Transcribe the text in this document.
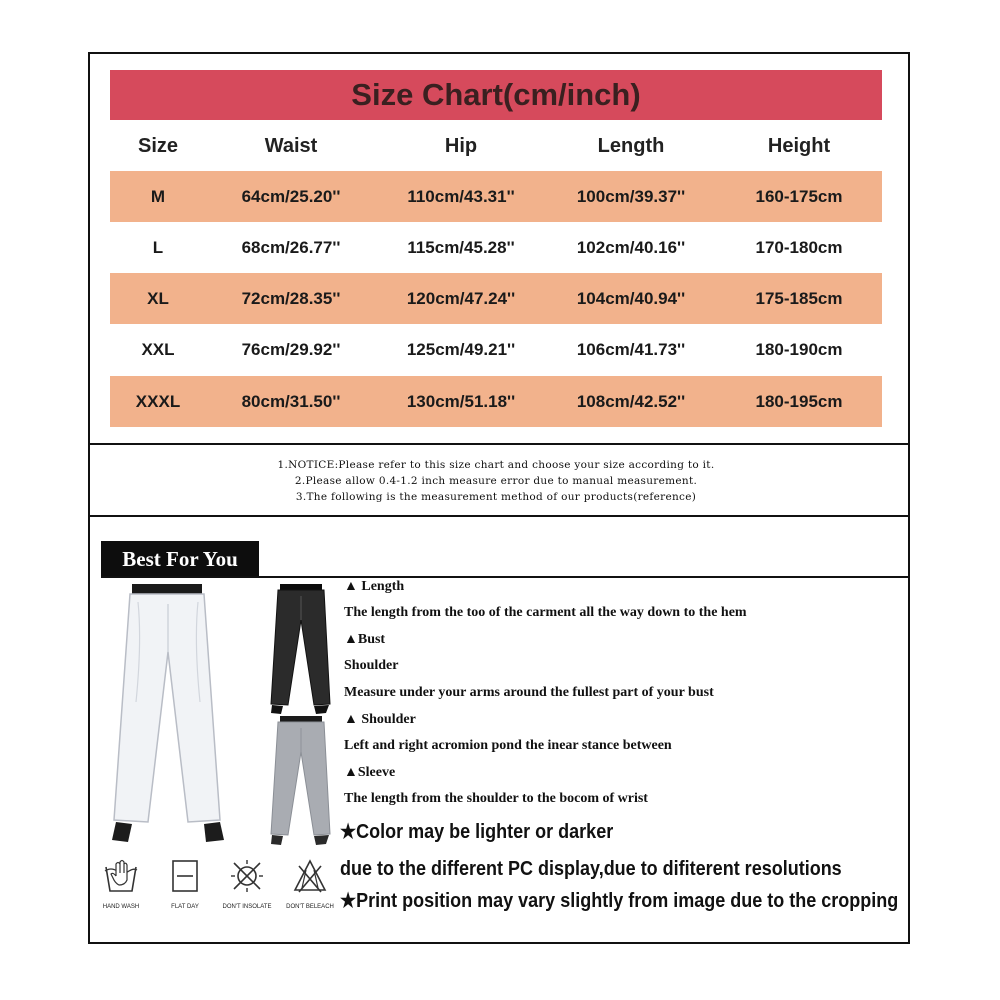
Size Chart(cm/inch)
Size	Waist	Hip	Length	Height
M	64cm/25.20''	110cm/43.31''	100cm/39.37''	160-175cm
L	68cm/26.77''	115cm/45.28''	102cm/40.16''	170-180cm
XL	72cm/28.35''	120cm/47.24''	104cm/40.94''	175-185cm
XXL	76cm/29.92''	125cm/49.21''	106cm/41.73''	180-190cm
XXXL	80cm/31.50''	130cm/51.18''	108cm/42.52''	180-195cm
1.NOTICE:Please refer to this size chart and choose your size according to it.
2.Please allow 0.4-1.2 inch measure error due to manual measurement.
3.The following is the measurement method of our products(reference)
Best For You
▲ Length
The length from the too of the carment all the way down to the hem
▲Bust
Shoulder
Measure under your arms around the fullest part of your bust
▲ Shoulder
Left and right acromion pond the inear stance between
▲Sleeve
The length from the shoulder to the bocom of wrist
★Color may be lighter or darker
due to the different PC display,due to difiterent resolutions
★Print position may vary slightly from image due to the cropping
HAND WASH	FLAT DAY	DON'T INSOLATE	DON'T BELEACH
